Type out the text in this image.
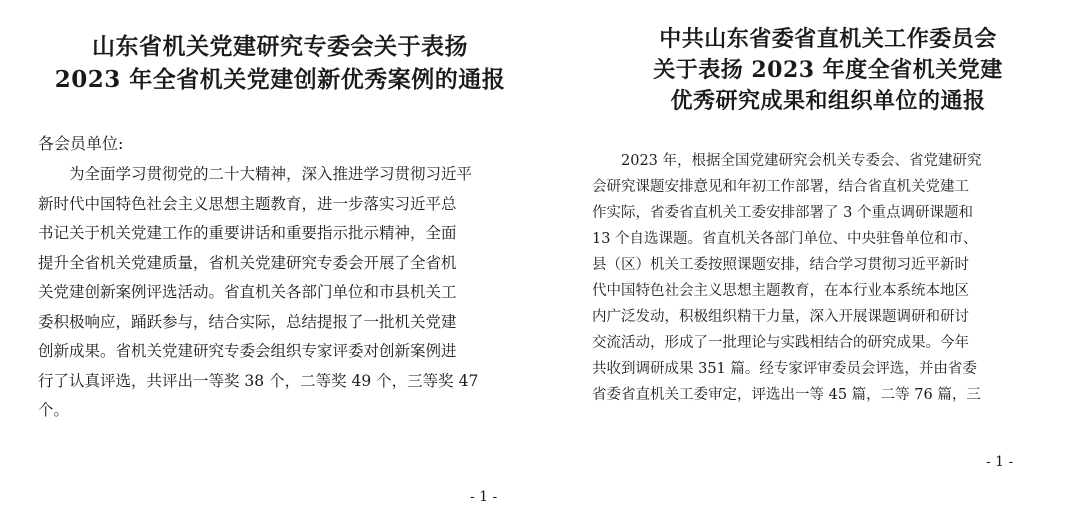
山东省机关党建研究专委会关于表扬
2023 年全省机关党建创新优秀案例的通报
各会员单位:
　　为全面学习贯彻党的二十大精神，深入推进学习贯彻习近平
新时代中国特色社会主义思想主题教育，进一步落实习近平总
书记关于机关党建工作的重要讲话和重要指示批示精神，全面
提升全省机关党建质量，省机关党建研究专委会开展了全省机
关党建创新案例评选活动。省直机关各部门单位和市县机关工
委积极响应，踊跃参与，结合实际，总结提报了一批机关党建
创新成果。省机关党建研究专委会组织专家评委对创新案例进
行了认真评选，共评出一等奖 38 个，二等奖 49 个，三等奖 47
个。
- 1 -
中共山东省委省直机关工作委员会
关于表扬 2023 年度全省机关党建
优秀研究成果和组织单位的通报
　　2023 年，根据全国党建研究会机关专委会、省党建研究
会研究课题安排意见和年初工作部署，结合省直机关党建工
作实际，省委省直机关工委安排部署了 3 个重点调研课题和
13 个自选课题。省直机关各部门单位、中央驻鲁单位和市、
县（区）机关工委按照课题安排，结合学习贯彻习近平新时
代中国特色社会主义思想主题教育，在本行业本系统本地区
内广泛发动，积极组织精干力量，深入开展课题调研和研讨
交流活动，形成了一批理论与实践相结合的研究成果。今年
共收到调研成果 351 篇。经专家评审委员会评选，并由省委
省委省直机关工委审定，评选出一等 45 篇，二等 76 篇，三
- 1 -
